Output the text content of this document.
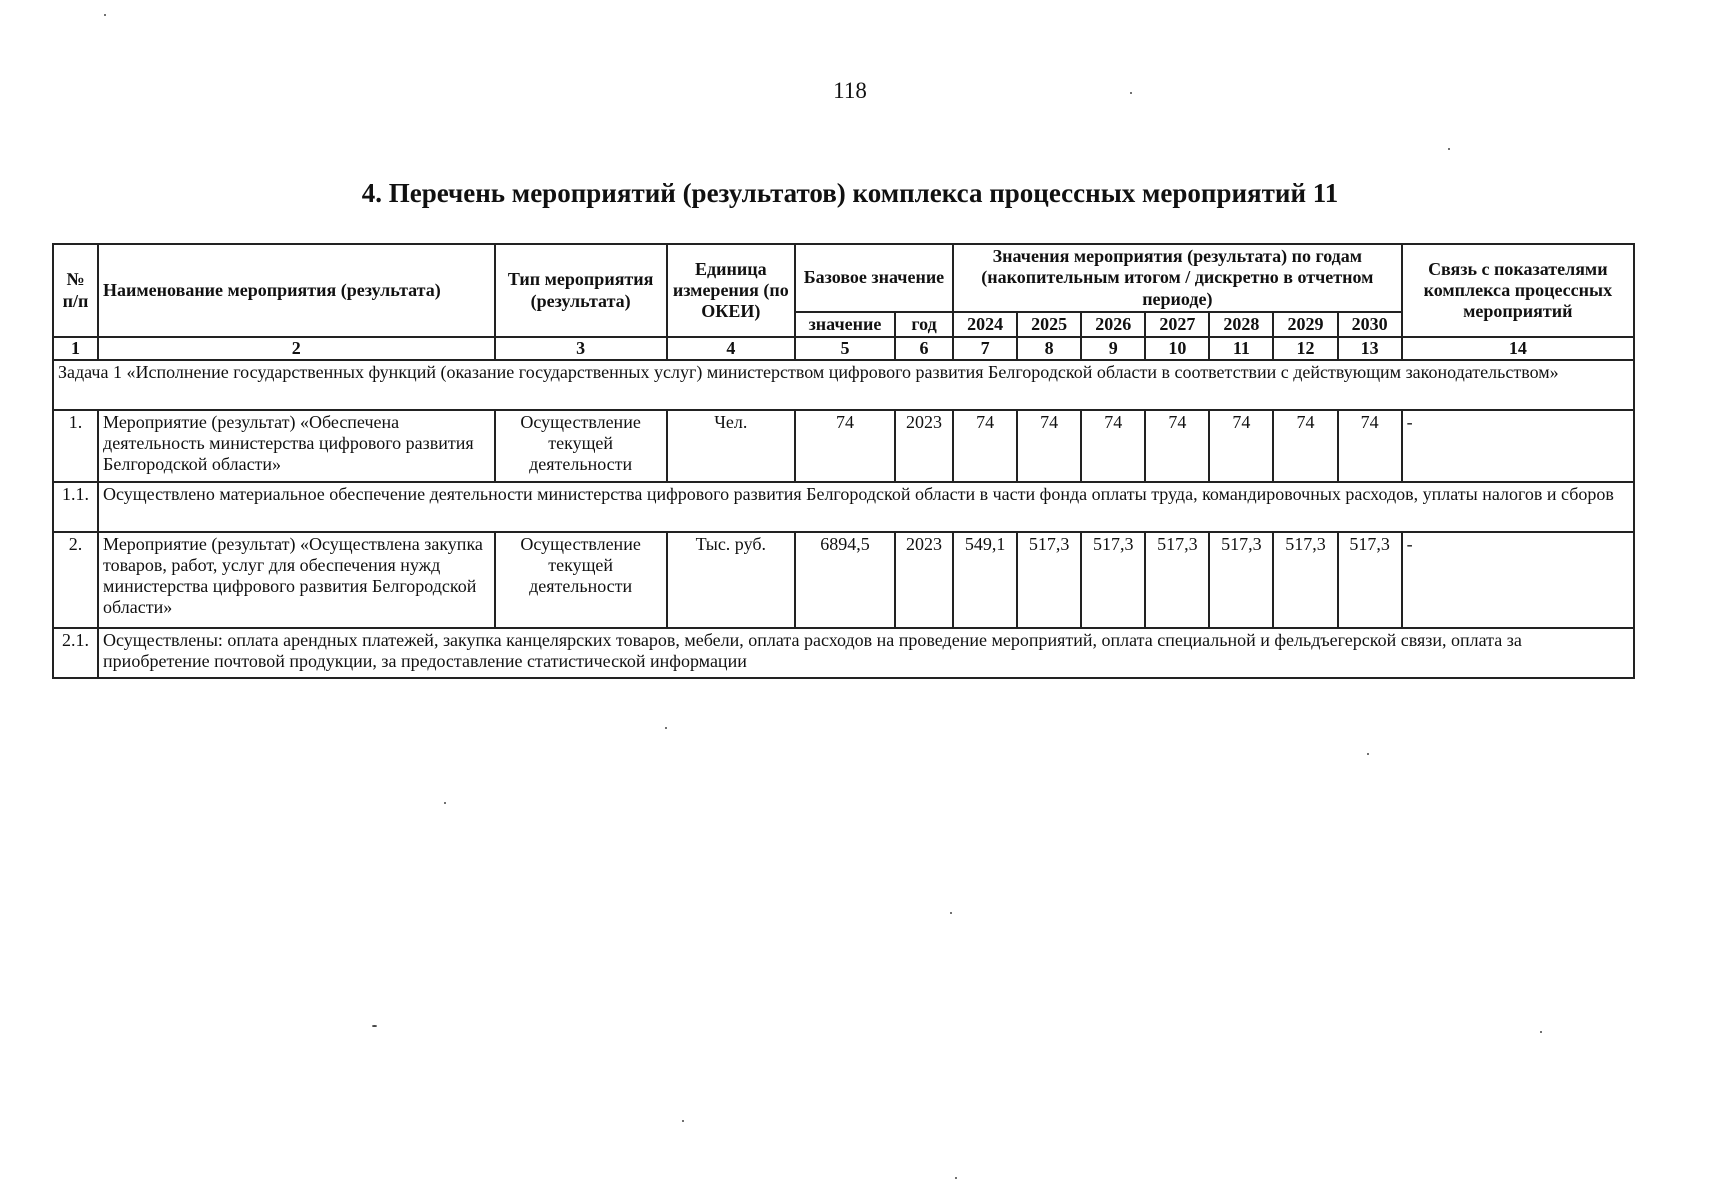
118
4. Перечень мероприятий (результатов) комплекса процессных мероприятий 11
№ п/п	Наименование мероприятия (результата)	Тип мероприятия (результата)	Единица измерения (по ОКЕИ)	Базовое значение		Значения мероприятия (результата) по годам (накопительным итогом / дискретно в отчетном периоде)							Связь с показателями комплекса процессных мероприятий
				значение	год	2024	2025	2026	2027	2028	2029	2030	
1	2	3	4	5	6	7	8	9	10	11	12	13	14
Задача 1 «Исполнение государственных функций (оказание государственных услуг) министерством цифрового развития Белгородской области в соответствии с действующим законодательством»													
1.	Мероприятие (результат) «Обеспечена деятельность министерства цифрового развития Белгородской области»	Осуществление текущей деятельности	Чел.	74	2023	74	74	74	74	74	74	74	-
1.1.	Осуществлено материальное обеспечение деятельности министерства цифрового развития Белгородской области в части фонда оплаты труда, командировочных расходов, уплаты налогов и сборов												
2.	Мероприятие (результат) «Осуществлена закупка товаров, работ, услуг для обеспечения нужд министерства цифрового развития Белгородской области»	Осуществление текущей деятельности	Тыс. руб.	6894,5	2023	549,1	517,3	517,3	517,3	517,3	517,3	517,3	-
2.1.	Осуществлены: оплата арендных платежей, закупка канцелярских товаров, мебели, оплата расходов на проведение мероприятий, оплата специальной и фельдъегерской связи, оплата за приобретение почтовой продукции, за предоставление статистической информации												
